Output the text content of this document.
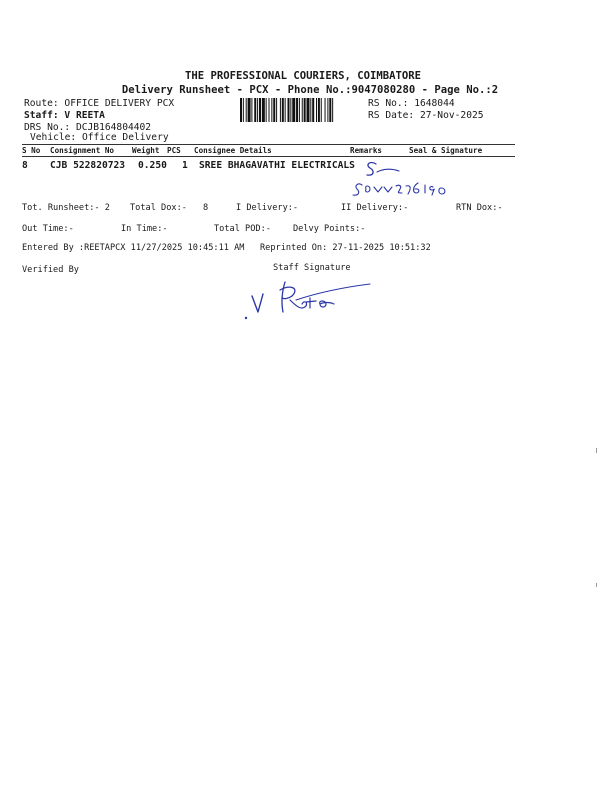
THE PROFESSIONAL COURIERS, COIMBATORE
Delivery Runsheet - PCX - Phone No.:9047080280 - Page No.:2
Route: OFFICE DELIVERY PCX
Staff: V REETA
DRS No.: DCJB164804402
Vehicle: Office Delivery
RS No.: 1648044
RS Date: 27-Nov-2025
S No Consignment No Weight PCS Consignee Details	Remarks	Seal & Signature
8 CJB 522820723 0.250 1 SREE BHAGAVATHI ELECTRICALS
Tot. Runsheet:- 2 Total Dox:- 8	I Delivery:-	II Delivery:-	RTN Dox:-
Out Time:-	In Time:-	Total POD:-	Delvy Points:-
Entered By :REETAPCX 11/27/2025 10:45:11 AM Reprinted On: 27-11-2025 10:51:32
Verified By	Staff Signature
